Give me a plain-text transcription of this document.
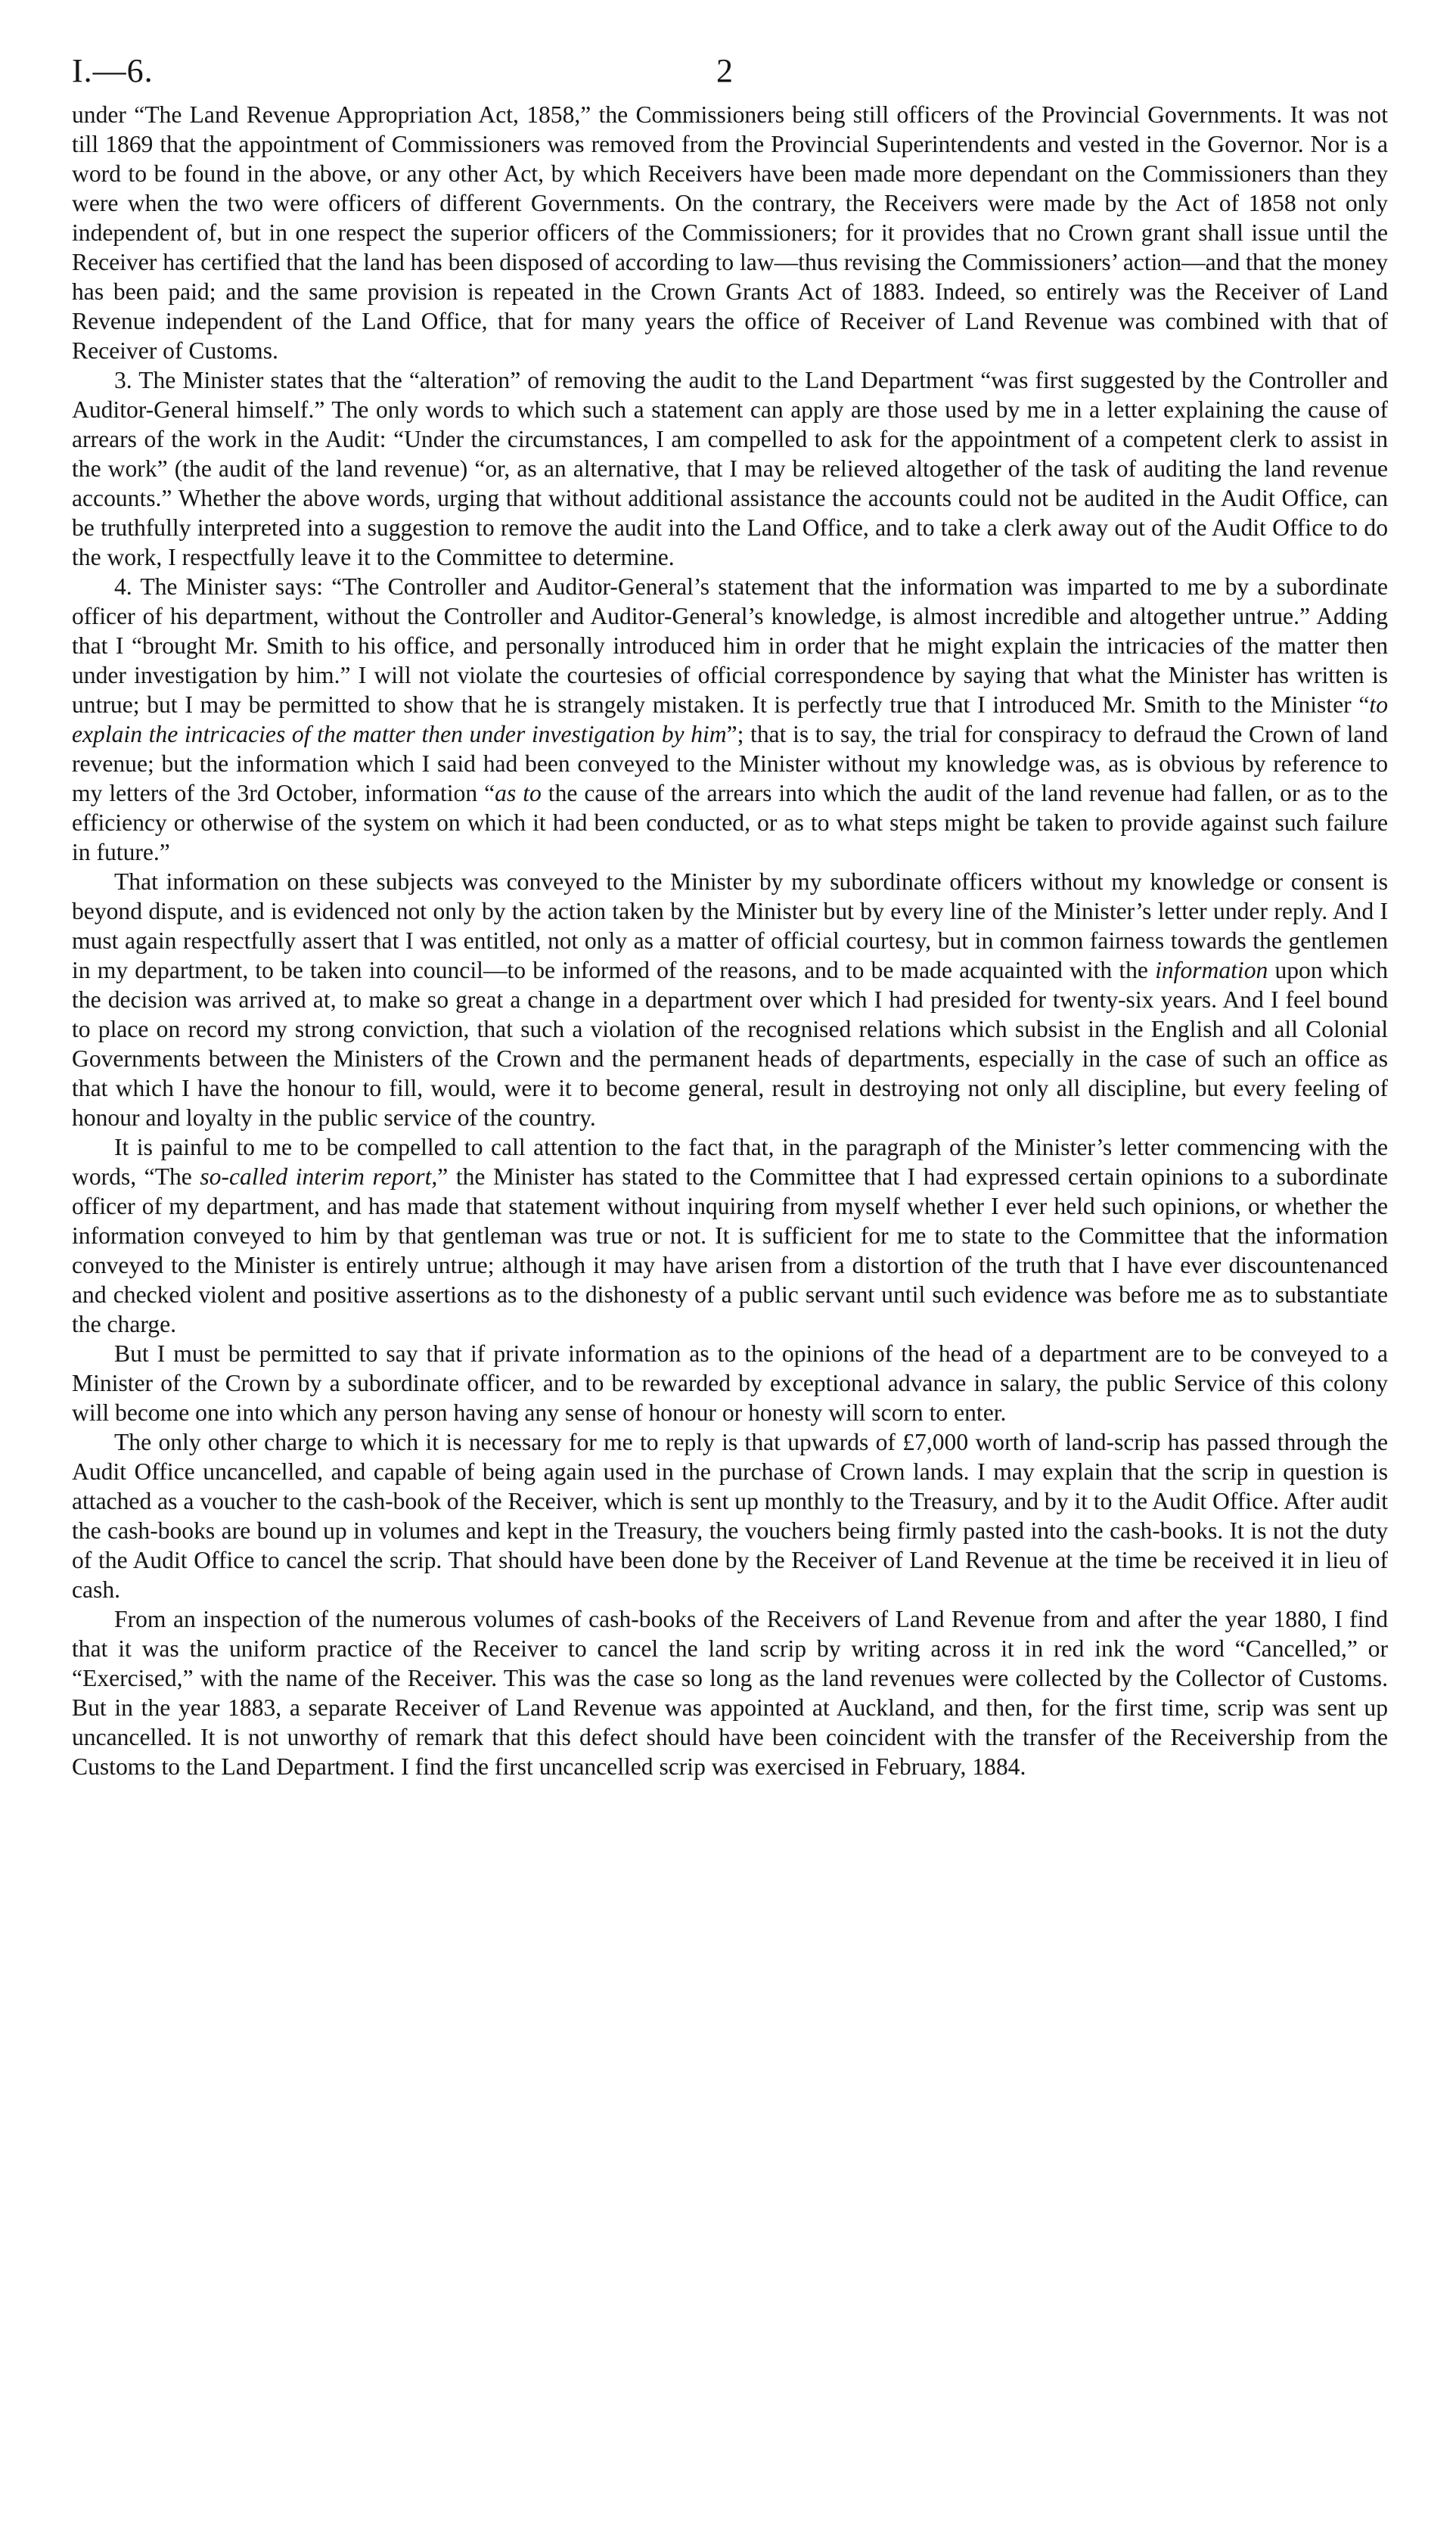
I.—6.	2

under “The Land Revenue Appropriation Act, 1858,” the Commissioners being still officers of the Provincial Governments. It was not till 1869 that the appointment of Commissioners was removed from the Provincial Superintendents and vested in the Governor. Nor is a word to be found in the above, or any other Act, by which Receivers have been made more dependant on the Commissioners than they were when the two were officers of different Governments. On the contrary, the Receivers were made by the Act of 1858 not only independent of, but in one respect the superior officers of the Commissioners; for it provides that no Crown grant shall issue until the Receiver has certified that the land has been disposed of according to law—thus revising the Commissioners’ action—and that the money has been paid; and the same provision is repeated in the Crown Grants Act of 1883. Indeed, so entirely was the Receiver of Land Revenue independent of the Land Office, that for many years the office of Receiver of Land Revenue was combined with that of Receiver of Customs.

3. The Minister states that the “alteration” of removing the audit to the Land Department “was first suggested by the Controller and Auditor-General himself.” The only words to which such a statement can apply are those used by me in a letter explaining the cause of arrears of the work in the Audit: “Under the circumstances, I am compelled to ask for the appointment of a competent clerk to assist in the work” (the audit of the land revenue) “or, as an alternative, that I may be relieved altogether of the task of auditing the land revenue accounts.” Whether the above words, urging that without additional assistance the accounts could not be audited in the Audit Office, can be truthfully interpreted into a suggestion to remove the audit into the Land Office, and to take a clerk away out of the Audit Office to do the work, I respectfully leave it to the Committee to determine.

4. The Minister says: “The Controller and Auditor-General’s statement that the information was imparted to me by a subordinate officer of his department, without the Controller and Auditor-General’s knowledge, is almost incredible and altogether untrue.” Adding that I “brought Mr. Smith to his office, and personally introduced him in order that he might explain the intricacies of the matter then under investigation by him.” I will not violate the courtesies of official correspondence by saying that what the Minister has written is untrue; but I may be permitted to show that he is strangely mistaken. It is perfectly true that I introduced Mr. Smith to the Minister “to explain the intricacies of the matter then under investigation by him”; that is to say, the trial for conspiracy to defraud the Crown of land revenue; but the information which I said had been conveyed to the Minister without my knowledge was, as is obvious by reference to my letters of the 3rd October, information “as to the cause of the arrears into which the audit of the land revenue had fallen, or as to the efficiency or otherwise of the system on which it had been conducted, or as to what steps might be taken to provide against such failure in future.”

That information on these subjects was conveyed to the Minister by my subordinate officers without my knowledge or consent is beyond dispute, and is evidenced not only by the action taken by the Minister but by every line of the Minister’s letter under reply. And I must again respectfully assert that I was entitled, not only as a matter of official courtesy, but in common fairness towards the gentlemen in my department, to be taken into council—to be informed of the reasons, and to be made acquainted with the information upon which the decision was arrived at, to make so great a change in a department over which I had presided for twenty-six years. And I feel bound to place on record my strong conviction, that such a violation of the recognised relations which subsist in the English and all Colonial Governments between the Ministers of the Crown and the permanent heads of departments, especially in the case of such an office as that which I have the honour to fill, would, were it to become general, result in destroying not only all discipline, but every feeling of honour and loyalty in the public service of the country.

It is painful to me to be compelled to call attention to the fact that, in the paragraph of the Minister’s letter commencing with the words, “The so-called interim report,” the Minister has stated to the Committee that I had expressed certain opinions to a subordinate officer of my department, and has made that statement without inquiring from myself whether I ever held such opinions, or whether the information conveyed to him by that gentleman was true or not. It is sufficient for me to state to the Committee that the information conveyed to the Minister is entirely untrue; although it may have arisen from a distortion of the truth that I have ever discountenanced and checked violent and positive assertions as to the dishonesty of a public servant until such evidence was before me as to substantiate the charge.

But I must be permitted to say that if private information as to the opinions of the head of a department are to be conveyed to a Minister of the Crown by a subordinate officer, and to be rewarded by exceptional advance in salary, the public Service of this colony will become one into which any person having any sense of honour or honesty will scorn to enter.

The only other charge to which it is necessary for me to reply is that upwards of £7,000 worth of land-scrip has passed through the Audit Office uncancelled, and capable of being again used in the purchase of Crown lands. I may explain that the scrip in question is attached as a voucher to the cash-book of the Receiver, which is sent up monthly to the Treasury, and by it to the Audit Office. After audit the cash-books are bound up in volumes and kept in the Treasury, the vouchers being firmly pasted into the cash-books. It is not the duty of the Audit Office to cancel the scrip. That should have been done by the Receiver of Land Revenue at the time be received it in lieu of cash.

From an inspection of the numerous volumes of cash-books of the Receivers of Land Revenue from and after the year 1880, I find that it was the uniform practice of the Receiver to cancel the land scrip by writing across it in red ink the word “Cancelled,” or “Exercised,” with the name of the Receiver. This was the case so long as the land revenues were collected by the Collector of Customs. But in the year 1883, a separate Receiver of Land Revenue was appointed at Auckland, and then, for the first time, scrip was sent up uncancelled. It is not unworthy of remark that this defect should have been coincident with the transfer of the Receivership from the Customs to the Land Department. I find the first uncancelled scrip was exercised in February, 1884.
